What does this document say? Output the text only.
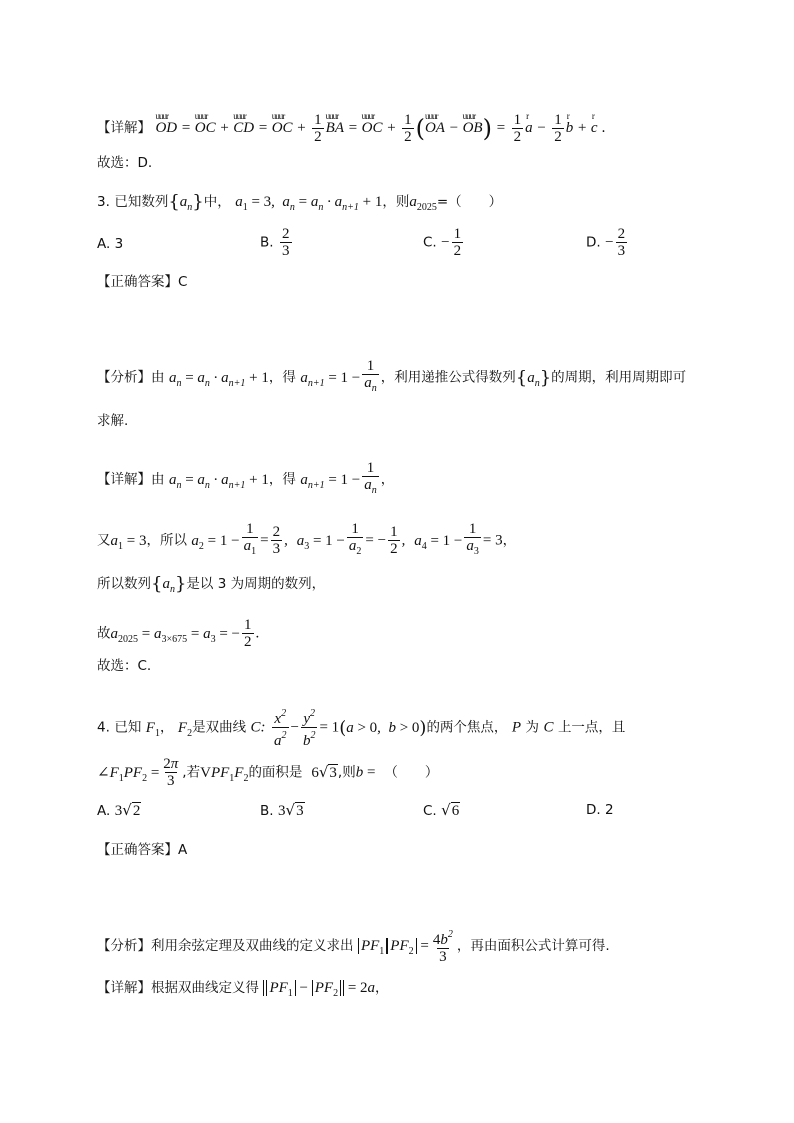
【详解】 uuur OD = uuur OC + uuur CD = uuur OC + $\frac{1}{2}$ uuur BA = uuur OC + $\frac{1}{2}$ (uuur OA − uuur $OB) = \frac{1}{2}$ r $a - \frac{1}{2}$ r b + r c .
故选：D.
3. 已知数列$\{a_n\}$中， $a_1 = 3$,  $a_n = a_n \cdot a_{n+1} + 1$，则$a_{2025}=$（　　）
A. 3	B. $\frac{2}{3}$	C. − $\frac{1}{2}$	D. − $\frac{2}{3}$
【正确答案】C
【分析】由 $a_n = a_n \cdot a_{n+1} + 1$，得 $a_{n+1} = 1 - \frac{1}{a_n}$ ，利用递推公式得数列$\{a_n\}$的周期，利用周期即可
求解.
【详解】由 $a_n = a_n \cdot a_{n+1} + 1$，得 $a_{n+1} = 1 - \frac{1}{a_n}$ ，
又$a_1 = 3$，所以 $a_2 = 1 - \frac{1}{a_1} = \frac{2}{3}$ , $a_3 = 1 - \frac{1}{a_2}$ = − $\frac{1}{2}$ , $a_4 = 1 - \frac{1}{a_3} = 3$，
所以数列$\{a_n\}$是以 3 为周期的数列，
故$a_{2025} = a_{3\times 675} = a_3$ = − $\frac{1}{2}$ .
故选：C.
4. 已知 $F_1$， $F_2$是双曲线 C: $\frac{x^2}{a^2} - \frac{y^2}{b^2} = 1(a > 0$,  b > 0)的两个焦点， P 为 C 上一点，且
$\angle F_1PF_2 = \frac{2\pi}{3}$ ,若$VPF_1F_2$的面积是 6√3,则b = （　　）
A. 3√2	B. 3√3	C. √6	D. 2
【正确答案】A
【分析】利用余弦定理及双曲线的定义求出 $PF_1$ $PF_2 = \frac{4b^2}{3}$ ，再由面积公式计算可得.
【详解】根据双曲线定义得 $PF_1 - PF_2 = 2a$，
